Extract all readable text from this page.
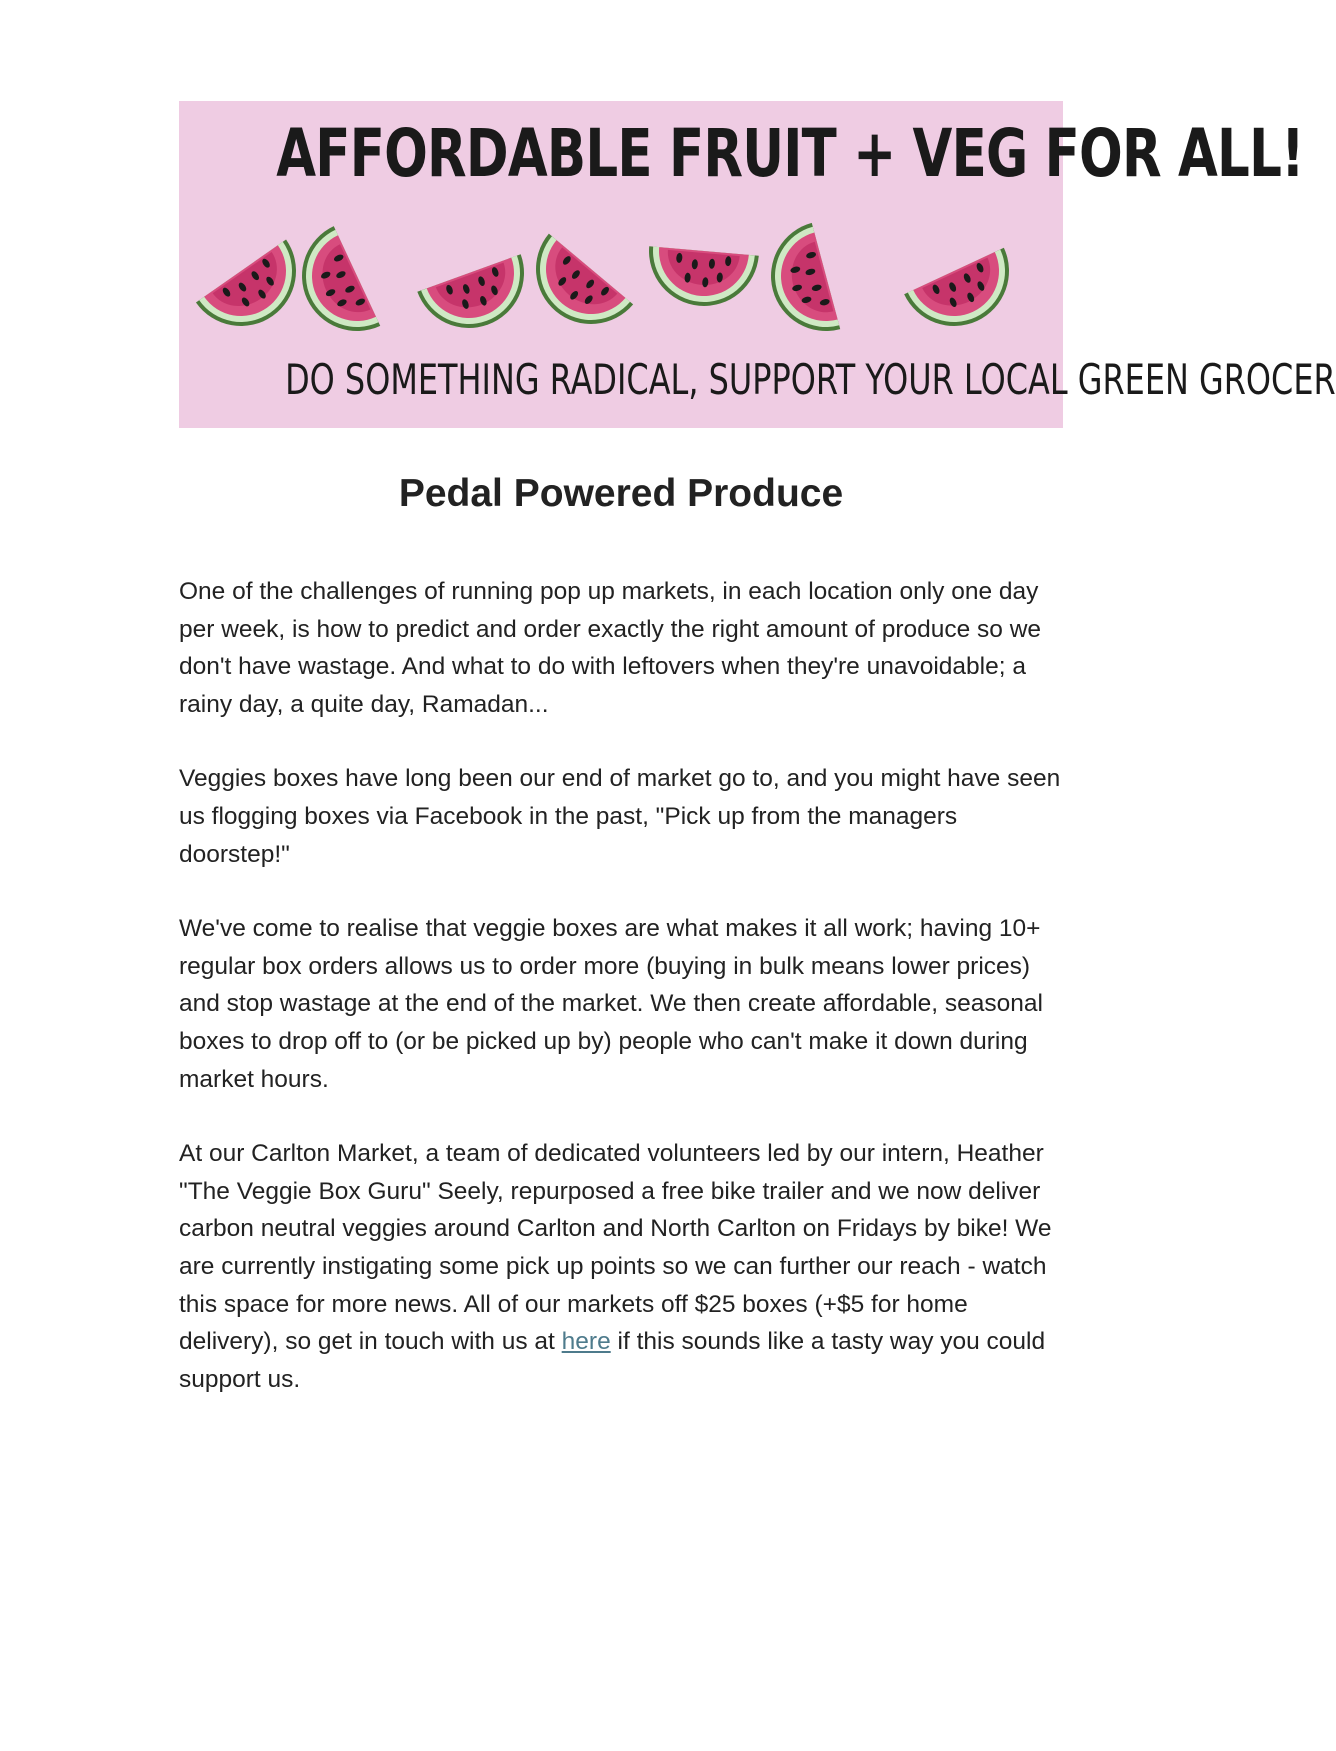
AFFORDABLE FRUIT + VEG FOR ALL!
DO SOMETHING RADICAL, SUPPORT YOUR LOCAL GREEN GROCER
Pedal Powered Produce

One of the challenges of running pop up markets, in each location only one day per week, is how to predict and order exactly the right amount of produce so we don't have wastage. And what to do with leftovers when they're unavoidable; a rainy day, a quite day, Ramadan...

Veggies boxes have long been our end of market go to, and you might have seen us flogging boxes via Facebook in the past, "Pick up from the managers doorstep!"

We've come to realise that veggie boxes are what makes it all work; having 10+ regular box orders allows us to order more (buying in bulk means lower prices) and stop wastage at the end of the market. We then create affordable, seasonal boxes to drop off to (or be picked up by) people who can't make it down during market hours.

At our Carlton Market, a team of dedicated volunteers led by our intern, Heather "The Veggie Box Guru" Seely, repurposed a free bike trailer and we now deliver carbon neutral veggies around Carlton and North Carlton on Fridays by bike! We are currently instigating some pick up points so we can further our reach - watch this space for more news. All of our markets off $25 boxes (+$5 for home delivery), so get in touch with us at here if this sounds like a tasty way you could support us.
